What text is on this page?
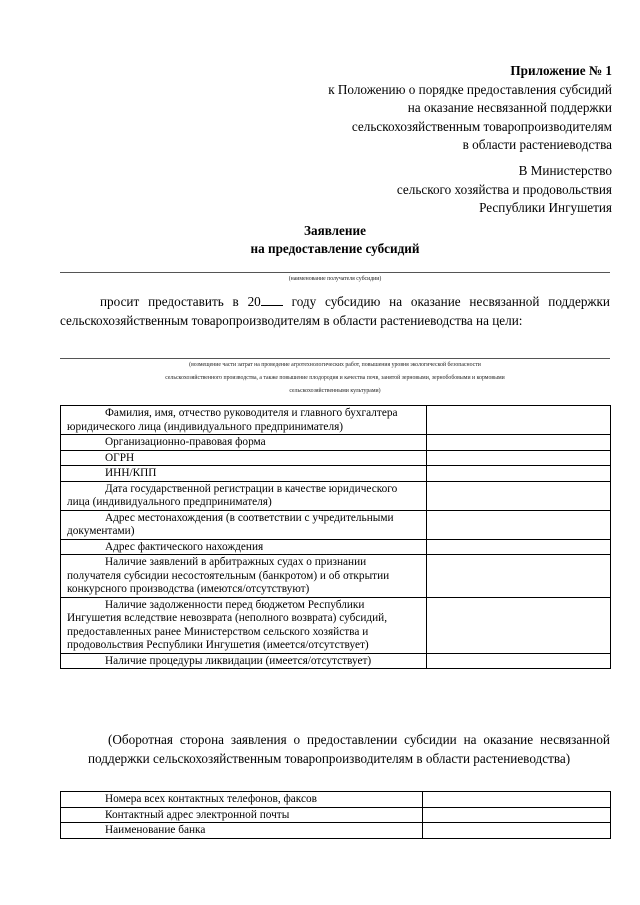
Приложение № 1
к Положению о порядке предоставления субсидий
на оказание несвязанной поддержки
сельскохозяйственным товаропроизводителям
в области растениеводства
В Министерство
сельского хозяйства и продовольствия
Республики Ингушетия
Заявление
на предоставление субсидий
(наименование получателя субсидии)
просит предоставить в 20 году субсидию на оказание несвязанной поддержки сельскохозяйственным товаропроизводителям в области растениеводства на цели:
(возмещение части затрат на проведение агротехнологических работ, повышения уровня экологической безопасности
сельскохозяйственного производства, а также повышение плодородия и качества почв, занятой зерновыми, зернобобовыми и кормовыми
сельскохозяйственными культурами)
Фамилия, имя, отчество руководителя и главного бухгалтера юридического лица (индивидуального предпринимателя)	
Организационно-правовая форма	
ОГРН	
ИНН/КПП	
Дата государственной регистрации в качестве юридического лица (индивидуального предпринимателя)	
Адрес местонахождения (в соответствии с учредительными документами)	
Адрес фактического нахождения	
Наличие заявлений в арбитражных судах о признании получателя субсидии несостоятельным (банкротом) и об открытии конкурсного производства (имеются/отсутствуют)	
Наличие задолженности перед бюджетом Республики Ингушетия вследствие невозврата (неполного возврата) субсидий, предоставленных ранее Министерством сельского хозяйства и продовольствия Республики Ингушетия (имеется/отсутствует)	
Наличие процедуры ликвидации (имеется/отсутствует)	
(Оборотная сторона заявления о предоставлении субсидии на оказание несвязанной поддержки сельскохозяйственным товаропроизводителям в области растениеводства)
Номера всех контактных телефонов, факсов	
Контактный адрес электронной почты	
Наименование банка	
